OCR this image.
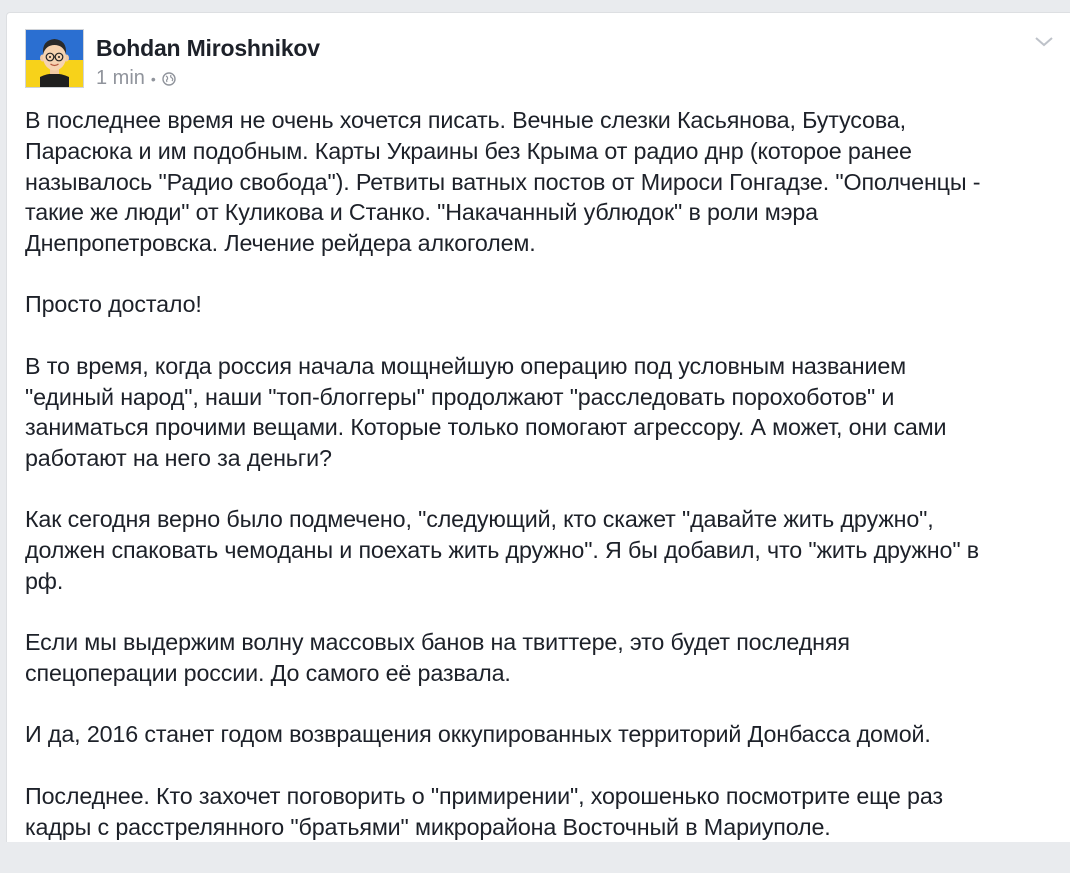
Bohdan Miroshnikov
1 min •

В последнее время не очень хочется писать. Вечные слезки Касьянова, Бутусова,
Парасюка и им подобным. Карты Украины без Крыма от радио днр (которое ранее
называлось "Радио свобода"). Ретвиты ватных постов от Мироси Гонгадзе. "Ополченцы -
такие же люди" от Куликова и Станко. "Накачанный ублюдок" в роли мэра
Днепропетровска. Лечение рейдера алкоголем.

Просто достало!

В то время, когда россия начала мощнейшую операцию под условным названием
"единый народ", наши "топ-блоггеры" продолжают "расследовать порохоботов" и
заниматься прочими вещами. Которые только помогают агрессору. А может, они сами
работают на него за деньги?

Как сегодня верно было подмечено, "следующий, кто скажет "давайте жить дружно",
должен спаковать чемоданы и поехать жить дружно". Я бы добавил, что "жить дружно" в
рф.

Если мы выдержим волну массовых банов на твиттере, это будет последняя
спецоперации россии. До самого её развала.

И да, 2016 станет годом возвращения оккупированных территорий Донбасса домой.

Последнее. Кто захочет поговорить о "примирении", хорошенько посмотрите еще раз
кадры с расстрелянного "братьями" микрорайона Восточный в Мариуполе.
